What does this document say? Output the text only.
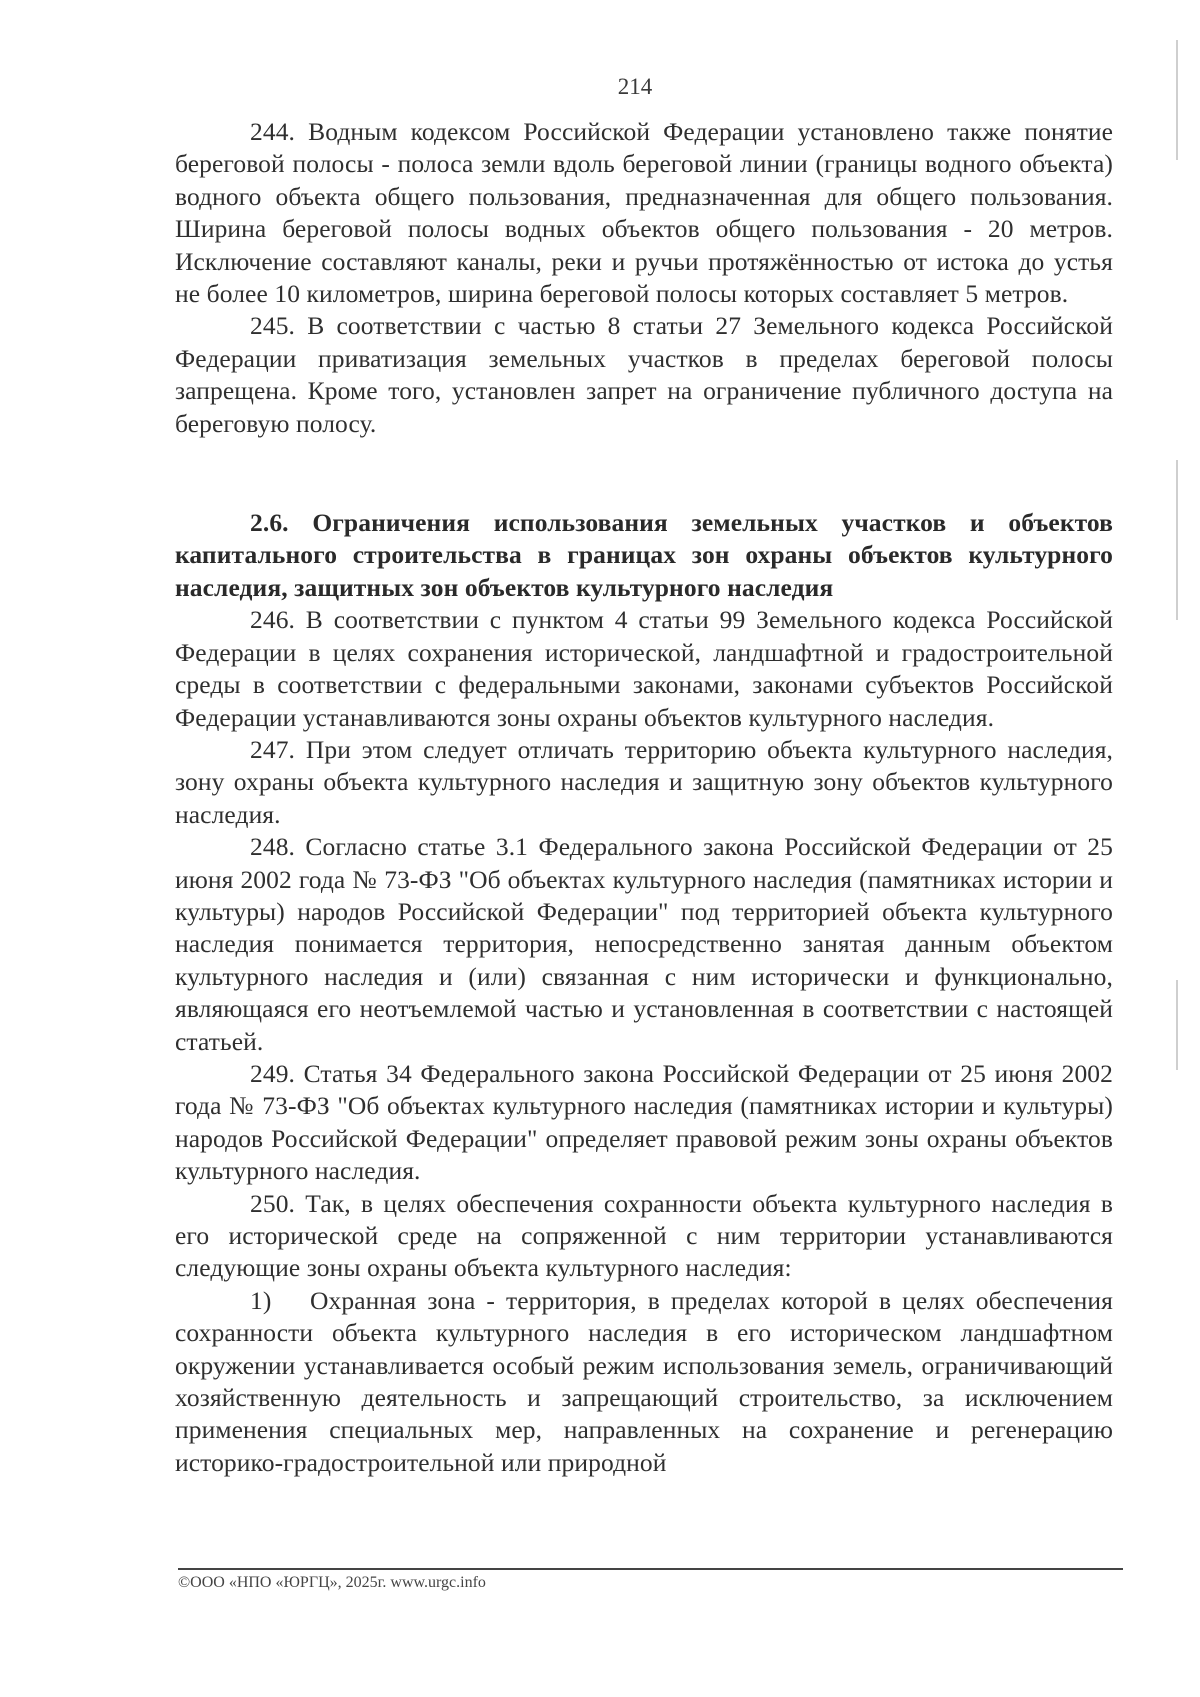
214

244. Водным кодексом Российской Федерации установлено также понятие береговой полосы - полоса земли вдоль береговой линии (границы водного объекта) водного объекта общего пользования, предназначенная для общего пользования. Ширина береговой полосы водных объектов общего пользования - 20 метров. Исключение составляют каналы, реки и ручьи протяжённостью от истока до устья не более 10 километров, ширина береговой полосы которых составляет 5 метров.

245. В соответствии с частью 8 статьи 27 Земельного кодекса Российской Федерации приватизация земельных участков в пределах береговой полосы запрещена. Кроме того, установлен запрет на ограничение публичного доступа на береговую полосу.

2.6. Ограничения использования земельных участков и объектов капитального строительства в границах зон охраны объектов культурного наследия, защитных зон объектов культурного наследия

246. В соответствии с пунктом 4 статьи 99 Земельного кодекса Российской Федерации в целях сохранения исторической, ландшафтной и градостроительной среды в соответствии с федеральными законами, законами субъектов Российской Федерации устанавливаются зоны охраны объектов культурного наследия.

247. При этом следует отличать территорию объекта культурного наследия, зону охраны объекта культурного наследия и защитную зону объектов культурного наследия.

248. Согласно статье 3.1 Федерального закона Российской Федерации от 25 июня 2002 года № 73-ФЗ "Об объектах культурного наследия (памятниках истории и культуры) народов Российской Федерации" под территорией объекта культурного наследия понимается территория, непосредственно занятая данным объектом культурного наследия и (или) связанная с ним исторически и функционально, являющаяся его неотъемлемой частью и установленная в соответствии с настоящей статьей.

249. Статья 34 Федерального закона Российской Федерации от 25 июня 2002 года № 73-ФЗ "Об объектах культурного наследия (памятниках истории и культуры) народов Российской Федерации" определяет правовой режим зоны охраны объектов культурного наследия.

250. Так, в целях обеспечения сохранности объекта культурного наследия в его исторической среде на сопряженной с ним территории устанавливаются следующие зоны охраны объекта культурного наследия:

1) Охранная зона - территория, в пределах которой в целях обеспечения сохранности объекта культурного наследия в его историческом ландшафтном окружении устанавливается особый режим использования земель, ограничивающий хозяйственную деятельность и запрещающий строительство, за исключением применения специальных мер, направленных на сохранение и регенерацию историко-градостроительной или природной

©ООО «НПО «ЮРГЦ», 2025г. www.urgc.info
